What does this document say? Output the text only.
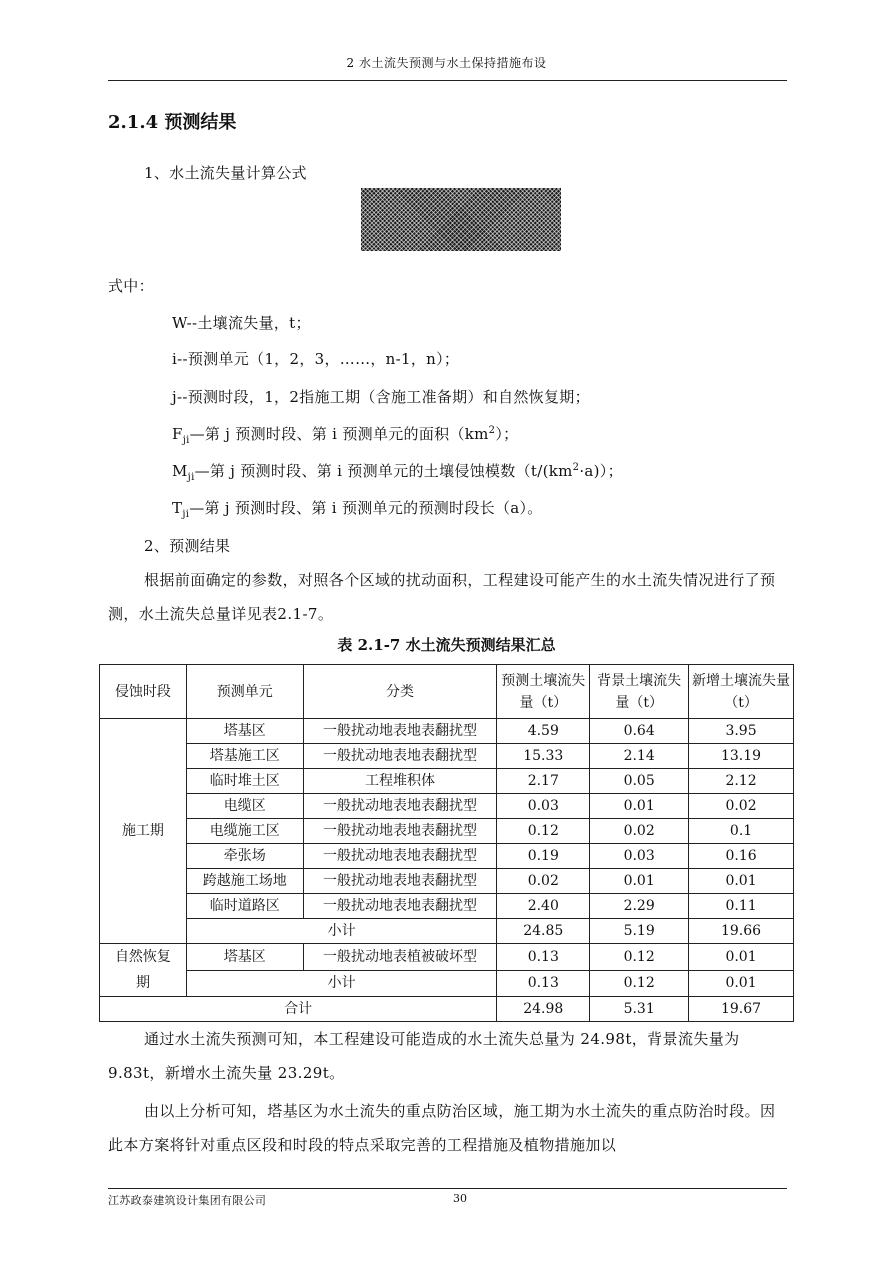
2 水土流失预测与水土保持措施布设
2.1.4 预测结果
1、水土流失量计算公式
式中：
W--土壤流失量，t；
i--预测单元（1，2，3，……，n-1，n）；
j--预测时段，1，2指施工期（含施工准备期）和自然恢复期；
$F_{ji}—$第 j 预测时段、第 i 预测单元的面积$(km^2)$；
$M_{ji}—$第 j 预测时段、第 i 预测单元的土壤侵蚀模数$(t/(km^2\cdot a))$；
$T_{ji}—$第 j 预测时段、第 i 预测单元的预测时段长（a）。
2、预测结果
根据前面确定的参数，对照各个区域的扰动面积，工程建设可能产生的水土流失情况进行了预测，水土流失总量详见表2.1-7。
表 2.1-7 水土流失预测结果汇总
侵蚀时段	预测单元	分类	预测土壤流失量（t）	背景土壤流失量（t）	新增土壤流失量（t）
施工期	塔基区	一般扰动地表地表翻扰型	4.59	0.64	3.95
	塔基施工区	一般扰动地表地表翻扰型	15.33	2.14	13.19
	临时堆土区	工程堆积体	2.17	0.05	2.12
	电缆区	一般扰动地表地表翻扰型	0.03	0.01	0.02
	电缆施工区	一般扰动地表地表翻扰型	0.12	0.02	0.1
	牵张场	一般扰动地表地表翻扰型	0.19	0.03	0.16
	跨越施工场地	一般扰动地表地表翻扰型	0.02	0.01	0.01
	临时道路区	一般扰动地表地表翻扰型	2.40	2.29	0.11
	小计		24.85	5.19	19.66
自然恢复期	塔基区	一般扰动地表植被破坏型	0.13	0.12	0.01
	小计		0.13	0.12	0.01
合计			24.98	5.31	19.67
通过水土流失预测可知，本工程建设可能造成的水土流失总量为 24.98t，背景流失量为 9.83t，新增水土流失量 23.29t。
由以上分析可知，塔基区为水土流失的重点防治区域，施工期为水土流失的重点防治时段。因此本方案将针对重点区段和时段的特点采取完善的工程措施及植物措施加以
江苏政泰建筑设计集团有限公司	30
